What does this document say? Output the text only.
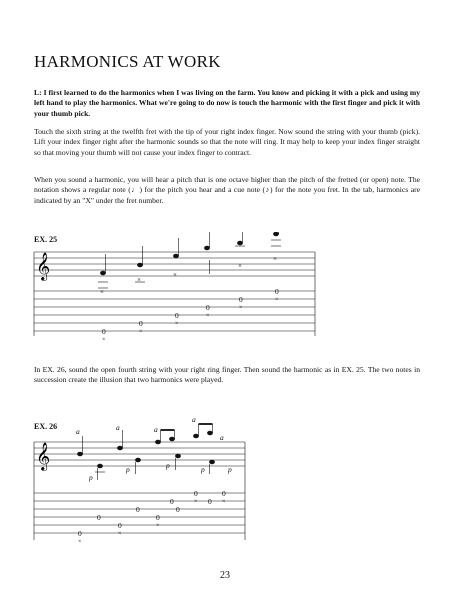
HARMONICS AT WORK

L: I first learned to do the harmonics when I was living on the farm. You know and picking it with a pick and using my left hand to play the harmonics. What we're going to do now is touch the harmonic with the first finger and pick it with your thumb pick.

Touch the sixth string at the twelfth fret with the tip of your right index finger. Now sound the string with your thumb (pick). Lift your index finger right after the harmonic sounds so that the note will ring. It may help to keep your index finger straight so that moving your thumb will not cause your index finger to contract.

When you sound a harmonic, you will hear a pitch that is one octave higher than the pitch of the fretted (or open) note. The notation shows a regular note (♩) for the pitch you hear and a cue note (♪) for the note you fret. In the tab, harmonics are indicated by an "X" under the fret number.

EX. 25

𝄞
×
×
×
×
×
0
0
0
0
0
0
×
×
×
×
×
×

In EX. 26, sound the open fourth string with your right ring finger. Then sound the harmonic as in EX. 25. The two notes in succession create the illusion that two harmonics were played.

EX. 26

𝄞
a	a	a
a
a
p
p	p	p	p
0
0
0
0
0
0
0
0
0
0
×
×
×
×	×

23
